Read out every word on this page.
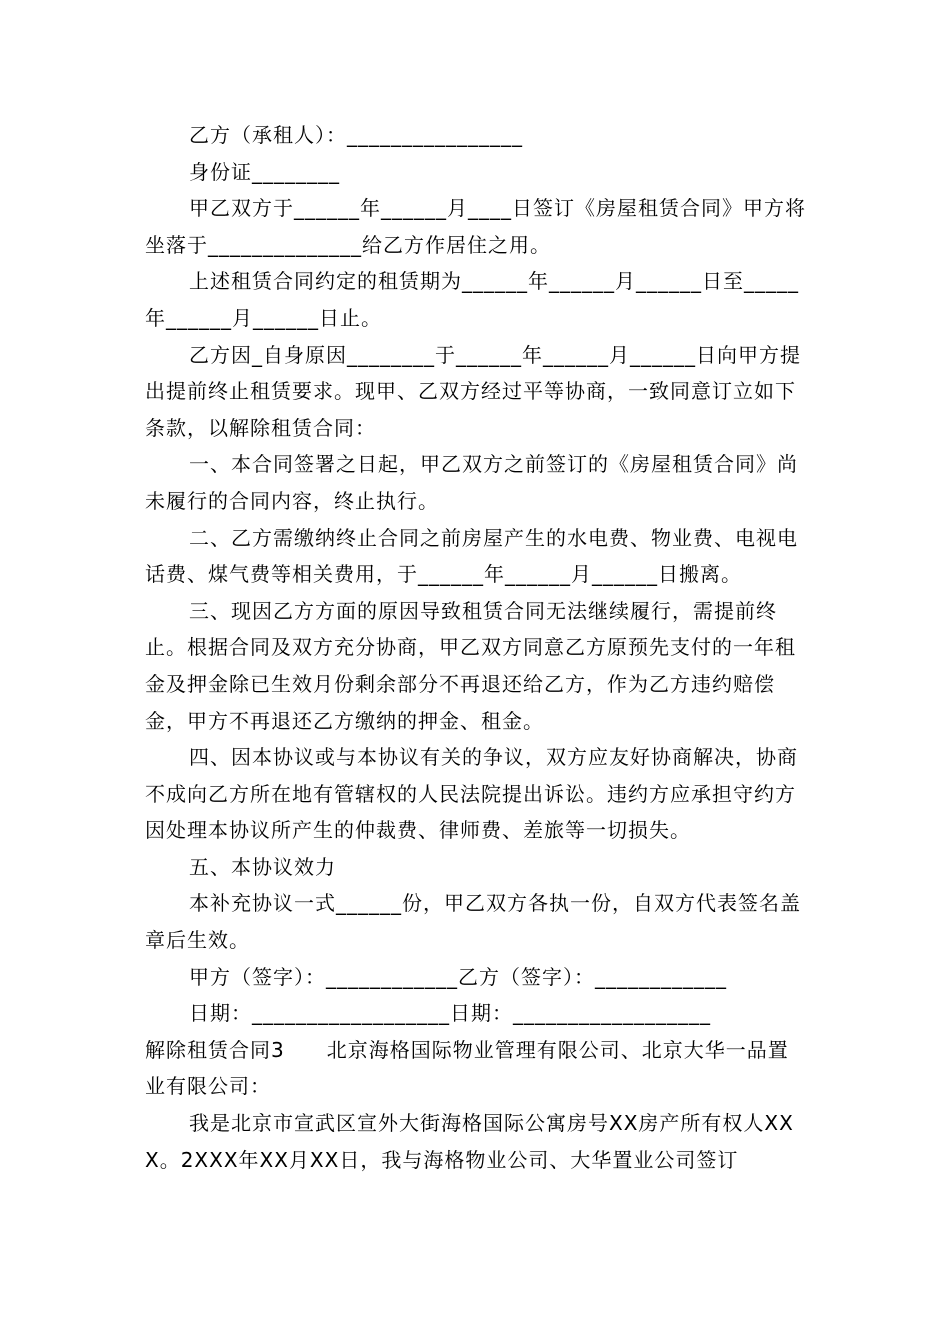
乙方（承租人）：________________

身份证________

甲乙双方于______年______月____日签订《房屋租赁合同》甲方将坐落于______________给乙方作居住之用。

上述租赁合同约定的租赁期为______年______月______日至_____年______月______日止。

乙方因_自身原因________于______年______月______日向甲方提出提前终止租赁要求。现甲、乙双方经过平等协商，一致同意订立如下条款，以解除租赁合同：

一、本合同签署之日起，甲乙双方之前签订的《房屋租赁合同》尚未履行的合同内容，终止执行。

二、乙方需缴纳终止合同之前房屋产生的水电费、物业费、电视电话费、煤气费等相关费用，于______年______月______日搬离。

三、现因乙方方面的原因导致租赁合同无法继续履行，需提前终止。根据合同及双方充分协商，甲乙双方同意乙方原预先支付的一年租金及押金除已生效月份剩余部分不再退还给乙方，作为乙方违约赔偿金，甲方不再退还乙方缴纳的押金、租金。

四、因本协议或与本协议有关的争议，双方应友好协商解决，协商不成向乙方所在地有管辖权的人民法院提出诉讼。违约方应承担守约方因处理本协议所产生的仲裁费、律师费、差旅等一切损失。

五、本协议效力

本补充协议一式______份，甲乙双方各执一份，自双方代表签名盖章后生效。

甲方（签字）：____________乙方（签字）：____________

日期：__________________日期：__________________

解除租赁合同3　　北京海格国际物业管理有限公司、北京大华一品置业有限公司：

我是北京市宣武区宣外大街海格国际公寓房号XX房产所有权人XXX。2XXX年XX月XX日，我与海格物业公司、大华置业公司签订
